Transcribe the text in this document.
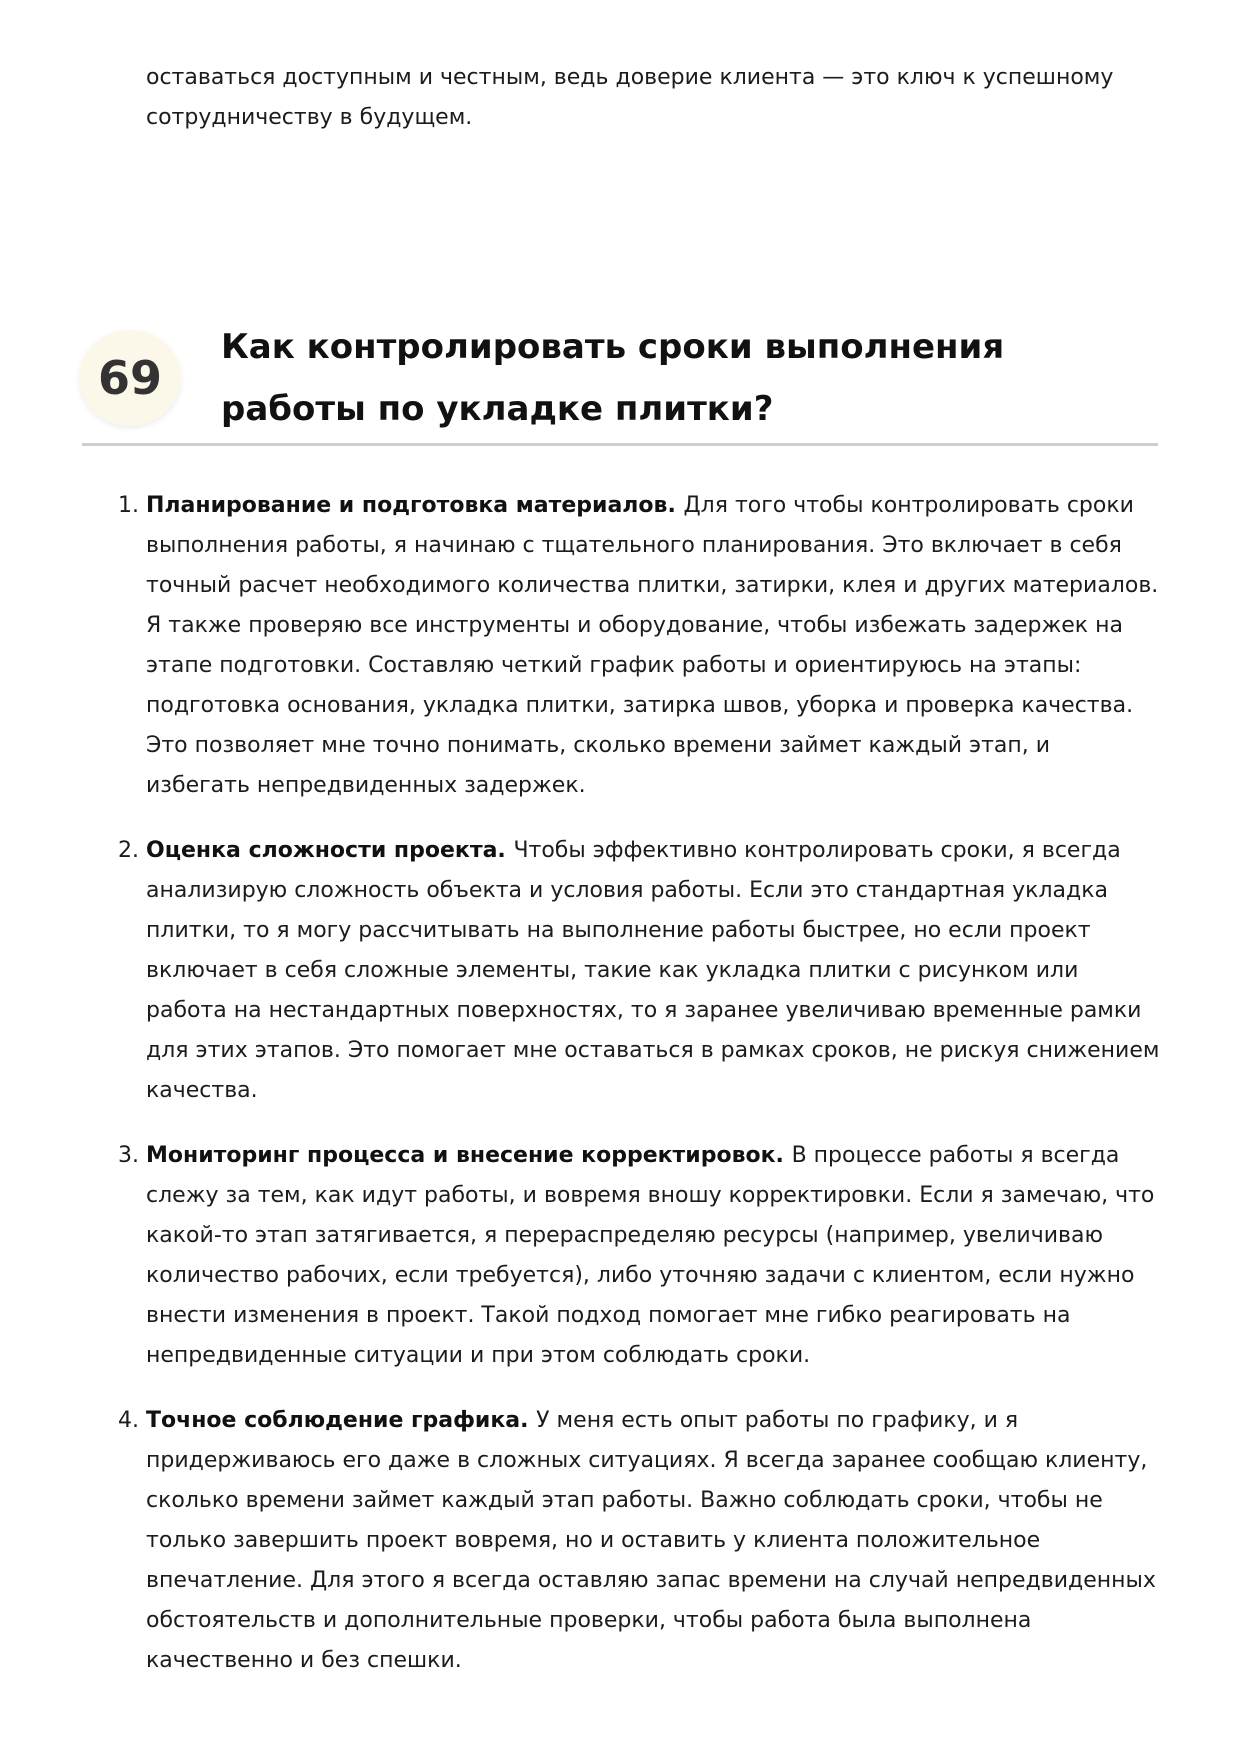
оставаться доступным и честным, ведь доверие клиента — это ключ к успешному сотрудничеству в будущем.

69
Как контролировать сроки выполнения работы по укладке плитки?
1. Планирование и подготовка материалов. Для того чтобы контролировать сроки выполнения работы, я начинаю с тщательного планирования. Это включает в себя точный расчет необходимого количества плитки, затирки, клея и других материалов. Я также проверяю все инструменты и оборудование, чтобы избежать задержек на этапе подготовки. Составляю четкий график работы и ориентируюсь на этапы: подготовка основания, укладка плитки, затирка швов, уборка и проверка качества. Это позволяет мне точно понимать, сколько времени займет каждый этап, и избегать непредвиденных задержек.
2. Оценка сложности проекта. Чтобы эффективно контролировать сроки, я всегда анализирую сложность объекта и условия работы. Если это стандартная укладка плитки, то я могу рассчитывать на выполнение работы быстрее, но если проект включает в себя сложные элементы, такие как укладка плитки с рисунком или работа на нестандартных поверхностях, то я заранее увеличиваю временные рамки для этих этапов. Это помогает мне оставаться в рамках сроков, не рискуя снижением качества.
3. Мониторинг процесса и внесение корректировок. В процессе работы я всегда слежу за тем, как идут работы, и вовремя вношу корректировки. Если я замечаю, что какой-то этап затягивается, я перераспределяю ресурсы (например, увеличиваю количество рабочих, если требуется), либо уточняю задачи с клиентом, если нужно внести изменения в проект. Такой подход помогает мне гибко реагировать на непредвиденные ситуации и при этом соблюдать сроки.
4. Точное соблюдение графика. У меня есть опыт работы по графику, и я придерживаюсь его даже в сложных ситуациях. Я всегда заранее сообщаю клиенту, сколько времени займет каждый этап работы. Важно соблюдать сроки, чтобы не только завершить проект вовремя, но и оставить у клиента положительное впечатление. Для этого я всегда оставляю запас времени на случай непредвиденных обстоятельств и дополнительные проверки, чтобы работа была выполнена качественно и без спешки.
